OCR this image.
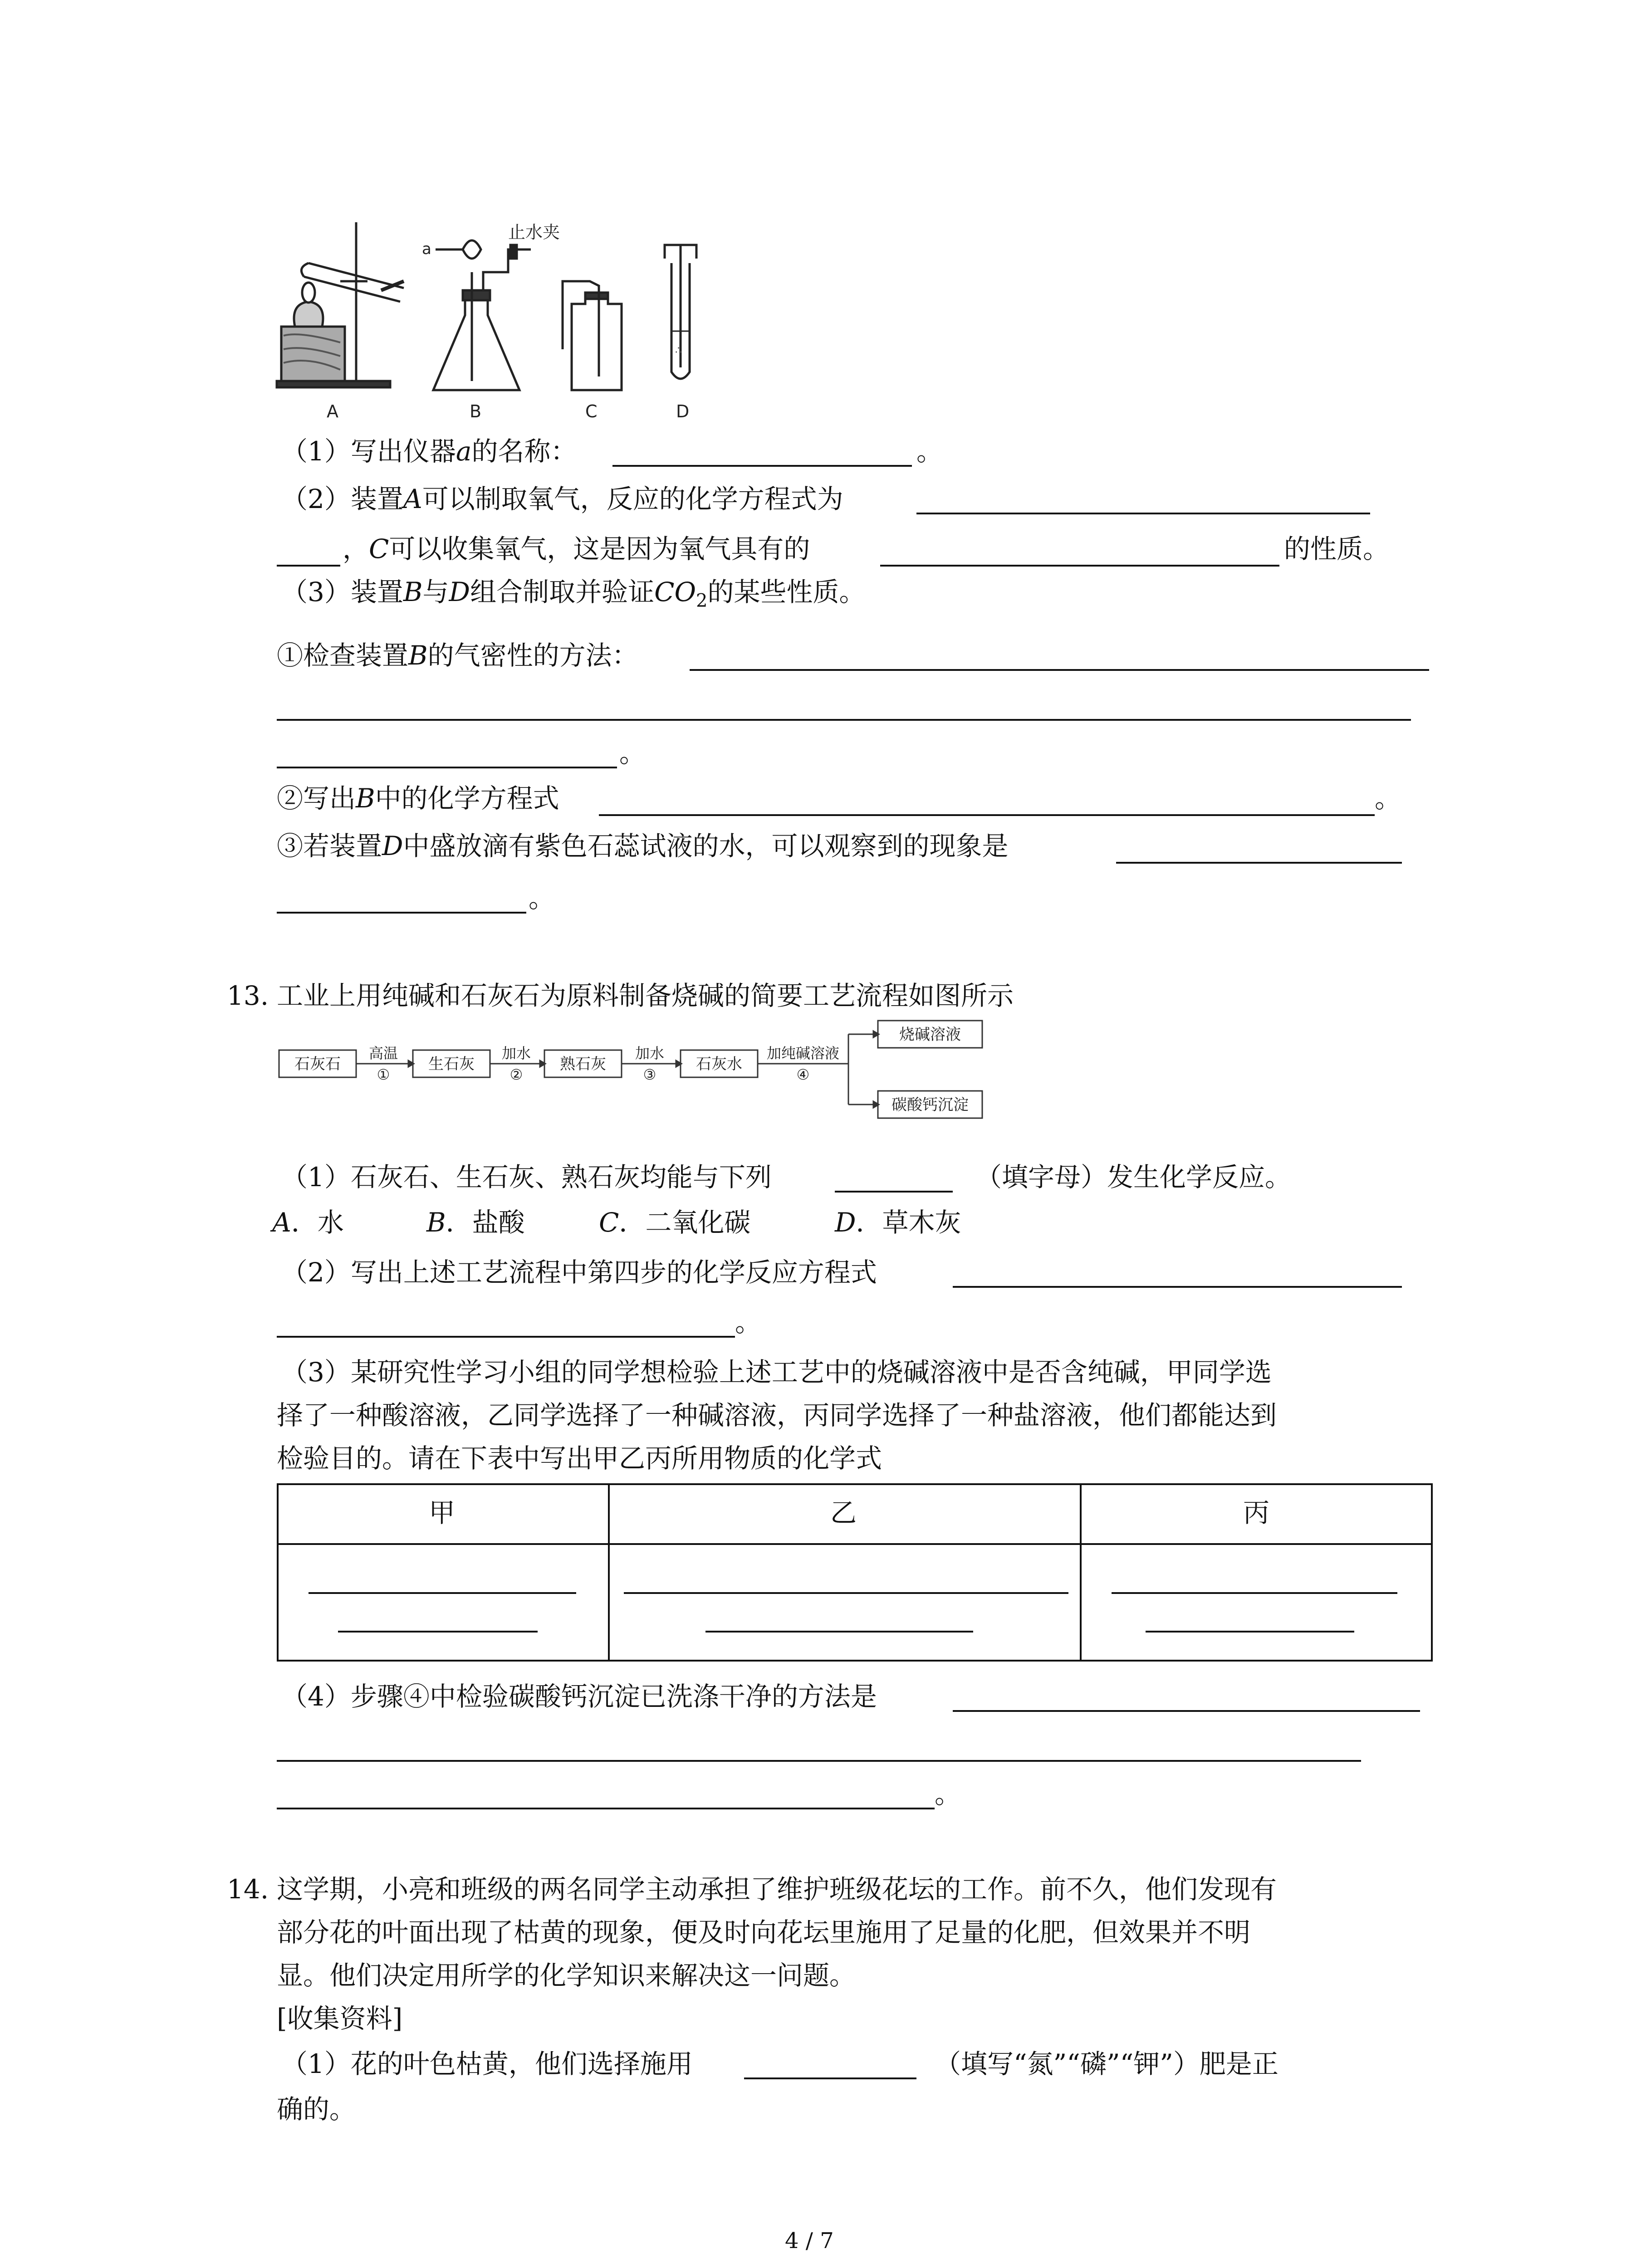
a
止水夹
∴
A	B	C	D
（1）写出仪器a的名称：	。
（2）装置A可以制取氧气，反应的化学方程式为
，C可以收集氧气，这是因为氧气具有的	的性质。
（3）装置B与D组合制取并验证$CO_2$的某些性质。
①检查装置B的气密性的方法：
。
②写出B中的化学方程式	。
③若装置D中盛放滴有紫色石蕊试液的水，可以观察到的现象是
。
13. 工业上用纯碱和石灰石为原料制备烧碱的简要工艺流程如图所示
石灰石	生石灰	熟石灰	石灰水
烧碱溶液
碳酸钙沉淀
高温
①
加水
②
加水
③
加纯碱溶液
④
（1）石灰石、生石灰、熟石灰均能与下列	（填字母）发生化学反应。
A．水	B．盐酸	C．二氧化碳	D．草木灰
（2）写出上述工艺流程中第四步的化学反应方程式
。
（3）某研究性学习小组的同学想检验上述工艺中的烧碱溶液中是否含纯碱，甲同学选
择了一种酸溶液，乙同学选择了一种碱溶液，丙同学选择了一种盐溶液，他们都能达到
检验目的。请在下表中写出甲乙丙所用物质的化学式
甲	乙	丙
（4）步骤④中检验碳酸钙沉淀已洗涤干净的方法是
。
14. 这学期，小亮和班级的两名同学主动承担了维护班级花坛的工作。前不久，他们发现有
部分花的叶面出现了枯黄的现象，便及时向花坛里施用了足量的化肥，但效果并不明
显。他们决定用所学的化学知识来解决这一问题。
[收集资料]
（1）花的叶色枯黄，他们选择施用	（填写“氮”“磷”“钾”）肥是正
确的。
4 / 7
